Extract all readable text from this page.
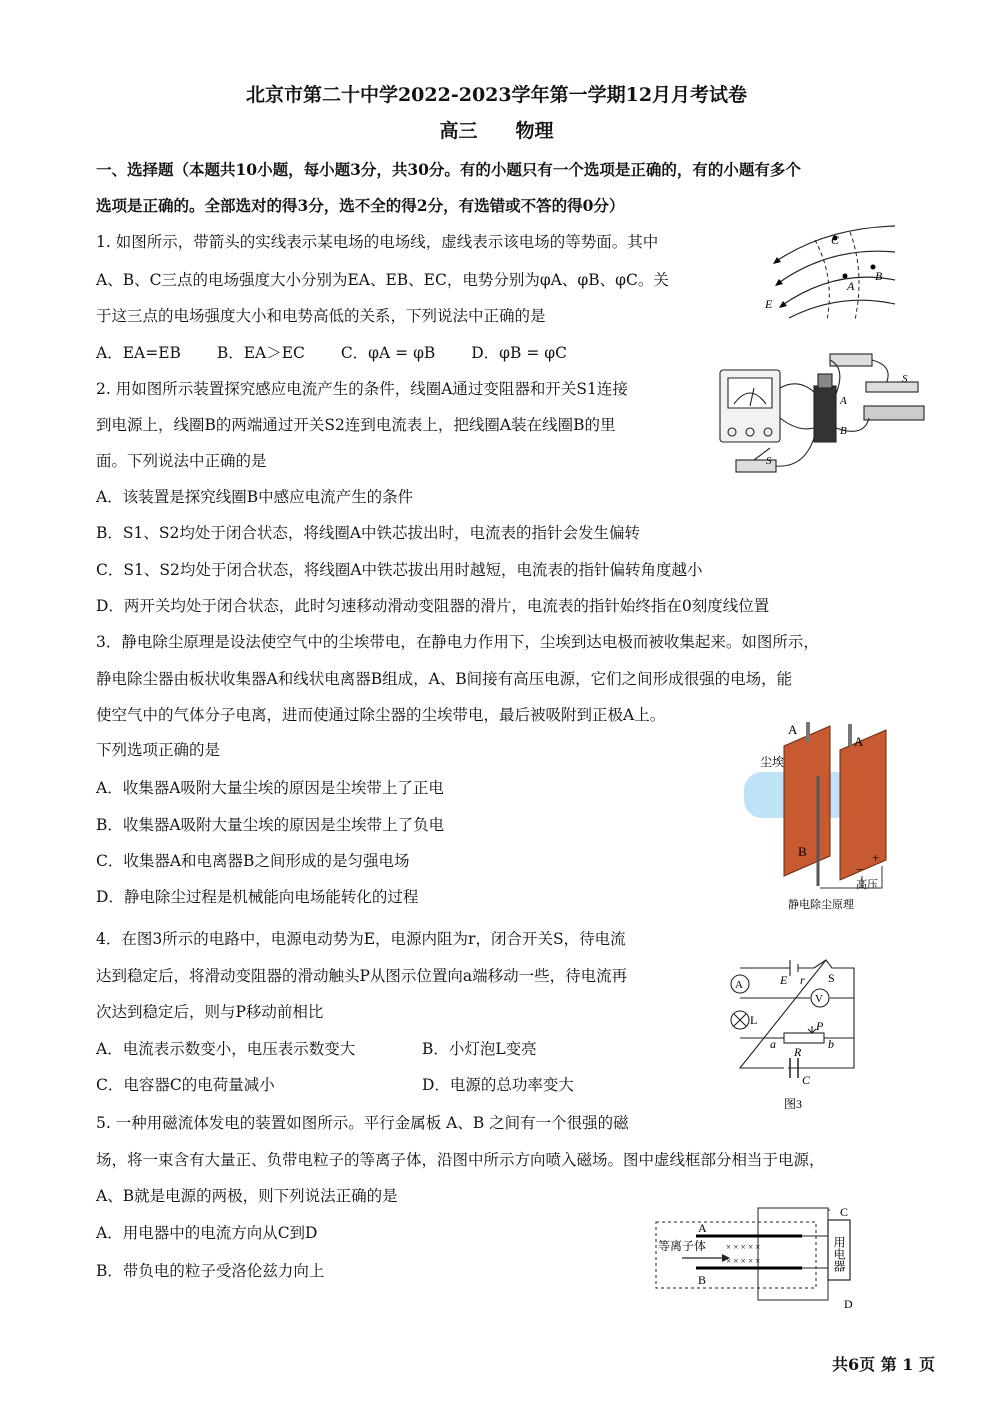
北京市第二十中学2022-2023学年第一学期12月月考试卷
高三　　物理
一、选择题（本题共10小题，每小题3分，共30分。有的小题只有一个选项是正确的，有的小题有多个
选项是正确的。全部选对的得3分，选不全的得2分，有选错或不答的得0分）
1. 如图所示，带箭头的实线表示某电场的电场线，虚线表示该电场的等势面。其中
A、B、C三点的电场强度大小分别为EA、EB、EC，电势分别为φA、φB、φC。关
于这三点的电场强度大小和电势高低的关系，下列说法中正确的是
A．EA=EB　　 B．EA＞EC　　 C．φA = φB　　 D．φB = φC
C
A
B
E
2. 用如图所示装置探究感应电流产生的条件，线圈A通过变阻器和开关S1连接
到电源上，线圈B的两端通过开关S2连到电流表上，把线圈A装在线圈B的里
面。下列说法中正确的是
A．该装置是探究线圈B中感应电流产生的条件
B．S1、S2均处于闭合状态，将线圈A中铁芯拔出时，电流表的指针会发生偏转
C．S1、S2均处于闭合状态，将线圈A中铁芯拔出用时越短，电流表的指针偏转角度越小
D．两开关均处于闭合状态，此时匀速移动滑动变阻器的滑片，电流表的指针始终指在0刻度线位置
A
B
S
S
3．静电除尘原理是设法使空气中的尘埃带电，在静电力作用下，尘埃到达电极而被收集起来。如图所示，
静电除尘器由板状收集器A和线状电离器B组成，A、B间接有高压电源，它们之间形成很强的电场，能
使空气中的气体分子电离，进而使通过除尘器的尘埃带电，最后被吸附到正极A上。
下列选项正确的是
A．收集器A吸附大量尘埃的原因是尘埃带上了正电
B．收集器A吸附大量尘埃的原因是尘埃带上了负电
C．收集器A和电离器B之间形成的是匀强电场
D．静电除尘过程是机械能向电场能转化的过程
A
A
尘埃
B
−
+
高压
静电除尘原理
4．在图3所示的电路中，电源电动势为E，电源内阻为r，闭合开关S，待电流
达到稳定后，将滑动变阻器的滑动触头P从图示位置向a端移动一些，待电流再
次达到稳定后，则与P移动前相比
A．电流表示数变小，电压表示数变大	B．小灯泡L变亮
C．电容器C的电荷量减小	D．电源的总功率变大
A	E r S
V
L	P
a
R
b
C
图3
5. 一种用磁流体发电的装置如图所示。平行金属板 A、B 之间有一个很强的磁
场，将一束含有大量正、负带电粒子的等离子体，沿图中所示方向喷入磁场。图中虚线框部分相当于电源，
A、B就是电源的两极，则下列说法正确的是
A．用电器中的电流方向从C到D
B．带负电的粒子受洛伦兹力向上
A
B
C
D
等离子体 × × × × ×
× × × × ×	用电器
共6页 第 1 页
